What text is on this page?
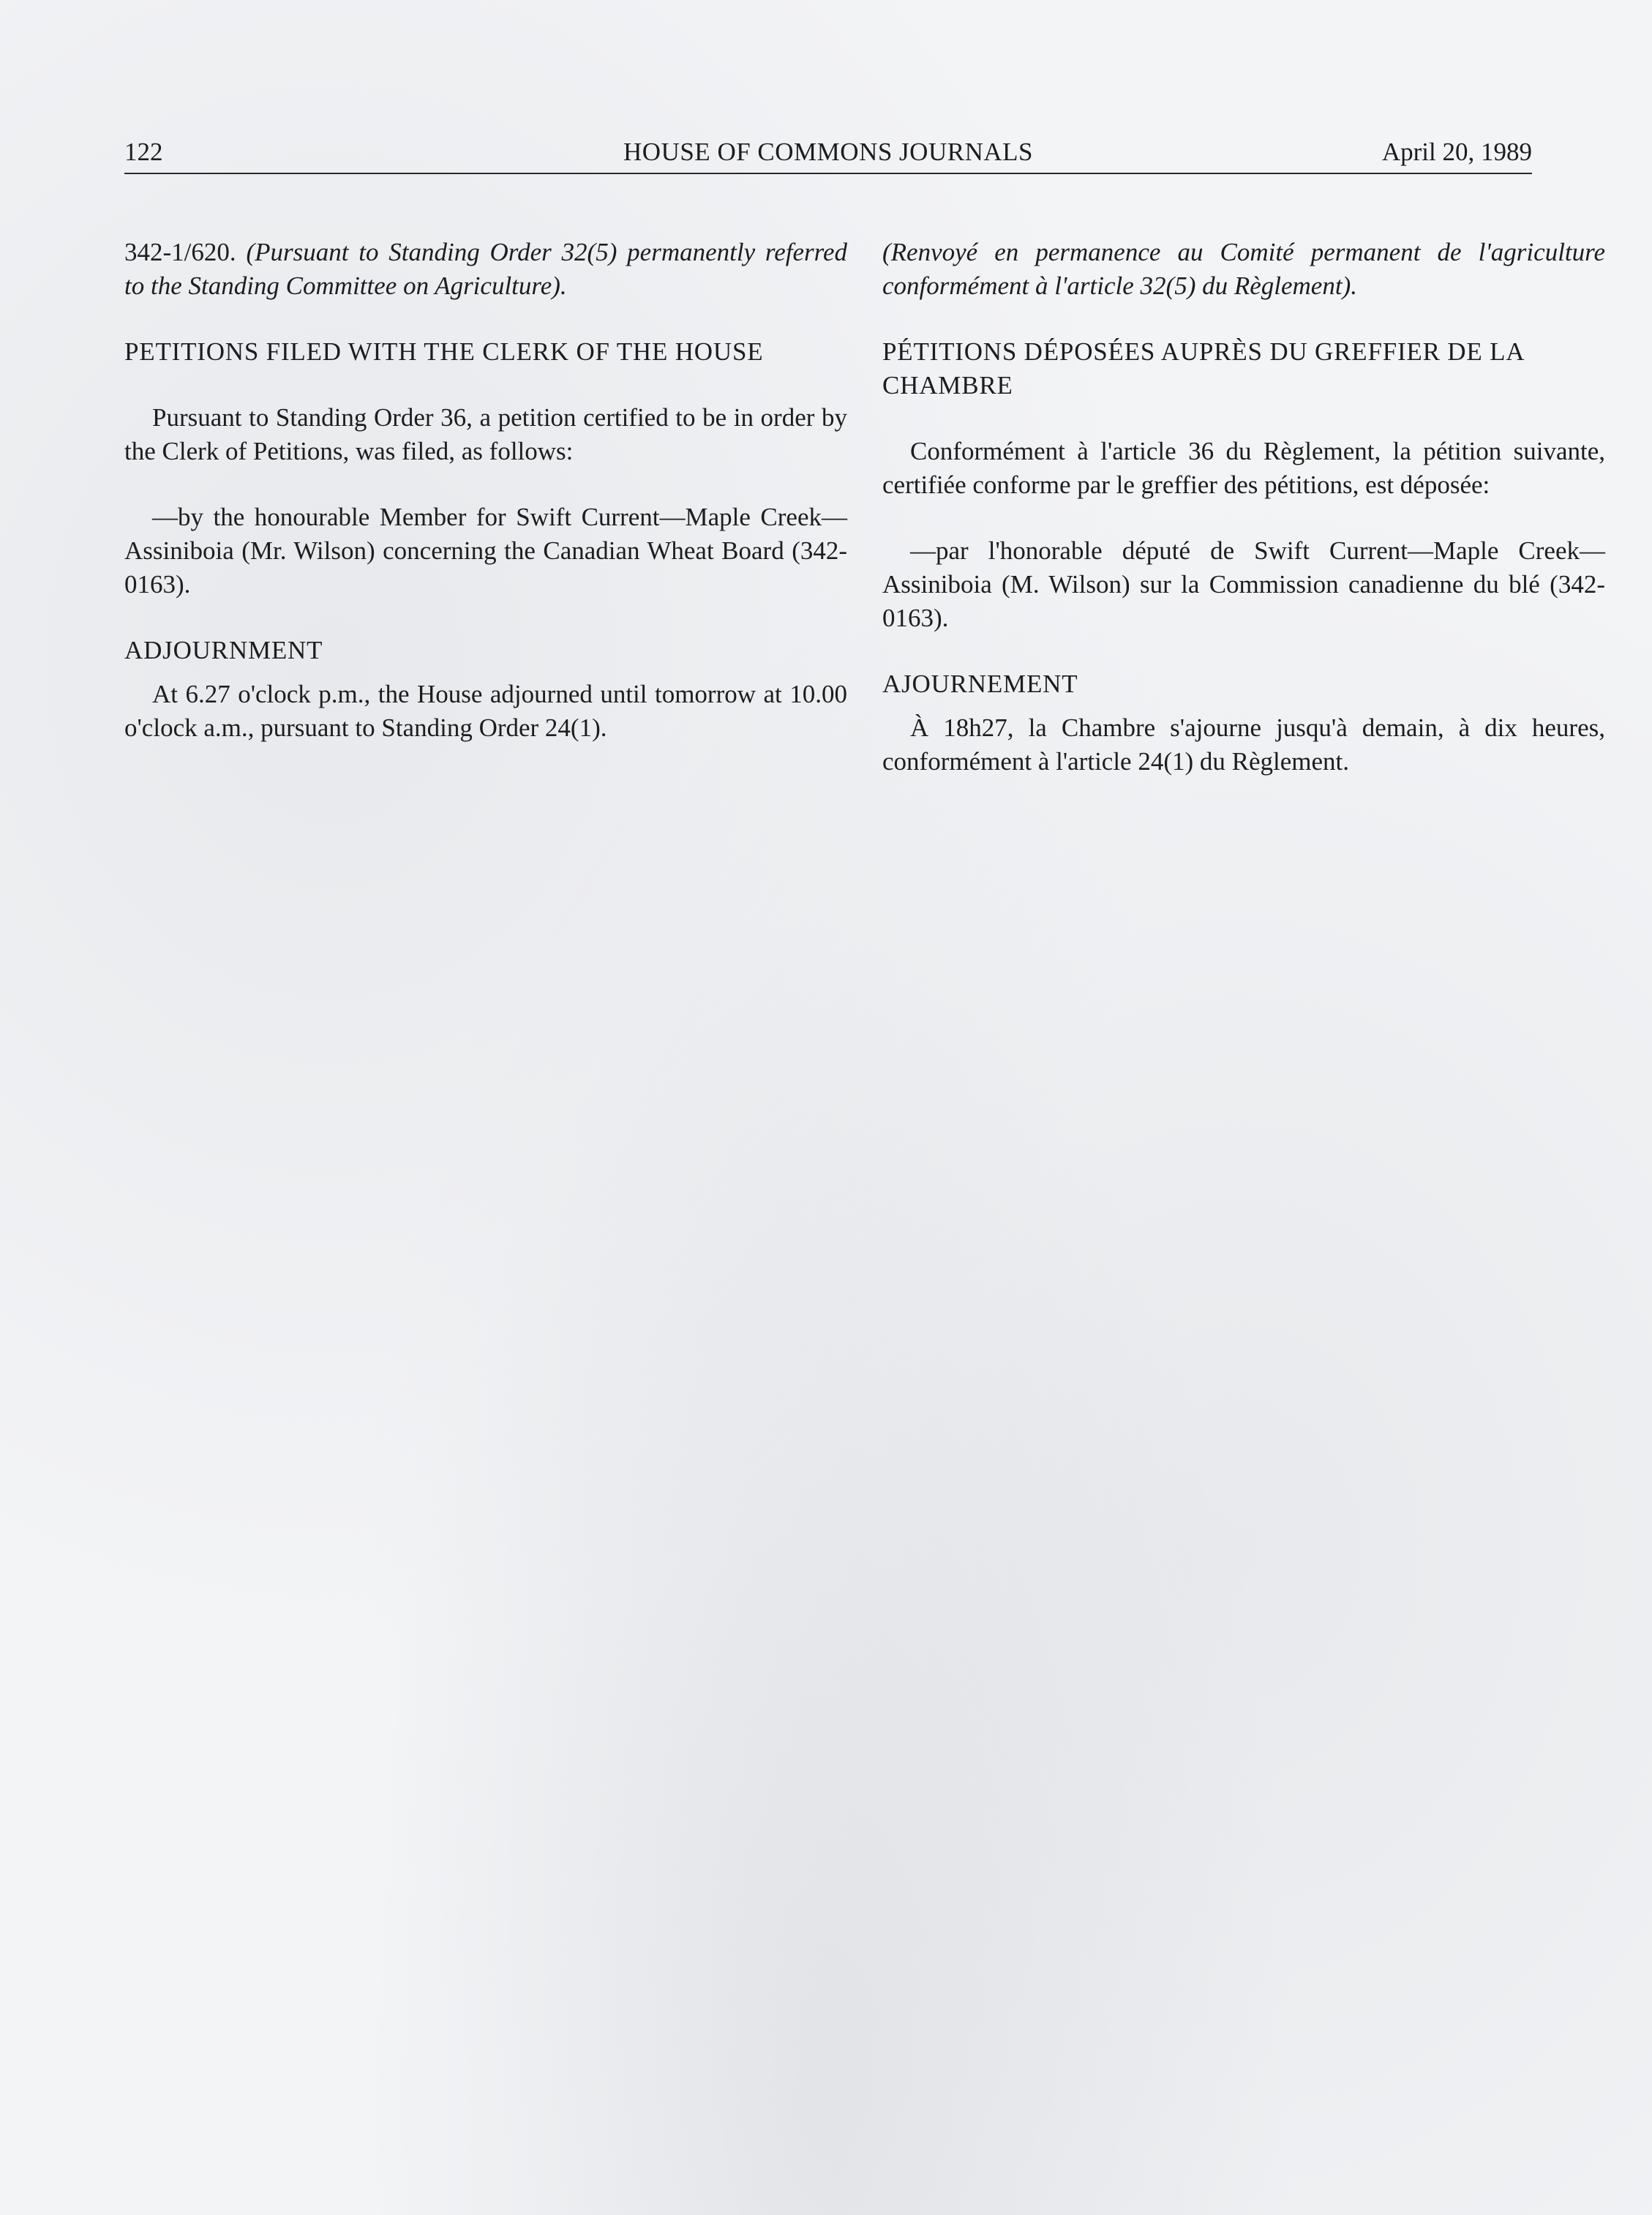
122	HOUSE OF COMMONS JOURNALS	April 20, 1989

342-1/620. (Pursuant to Standing Order 32(5) permanently referred to the Standing Committee on Agriculture).

PETITIONS FILED WITH THE CLERK OF THE HOUSE

Pursuant to Standing Order 36, a petition certified to be in order by the Clerk of Petitions, was filed, as follows:

—by the honourable Member for Swift Current—Maple Creek—Assiniboia (Mr. Wilson) concerning the Canadian Wheat Board (342-0163).

ADJOURNMENT

At 6.27 o'clock p.m., the House adjourned until tomorrow at 10.00 o'clock a.m., pursuant to Standing Order 24(1).

(Renvoyé en permanence au Comité permanent de l'agriculture conformément à l'article 32(5) du Règlement).

PÉTITIONS DÉPOSÉES AUPRÈS DU GREFFIER DE LA CHAMBRE

Conformément à l'article 36 du Règlement, la pétition suivante, certifiée conforme par le greffier des pétitions, est déposée:

—par l'honorable député de Swift Current—Maple Creek—Assiniboia (M. Wilson) sur la Commission canadienne du blé (342-0163).

AJOURNEMENT

À 18h27, la Chambre s'ajourne jusqu'à demain, à dix heures, conformément à l'article 24(1) du Règlement.
